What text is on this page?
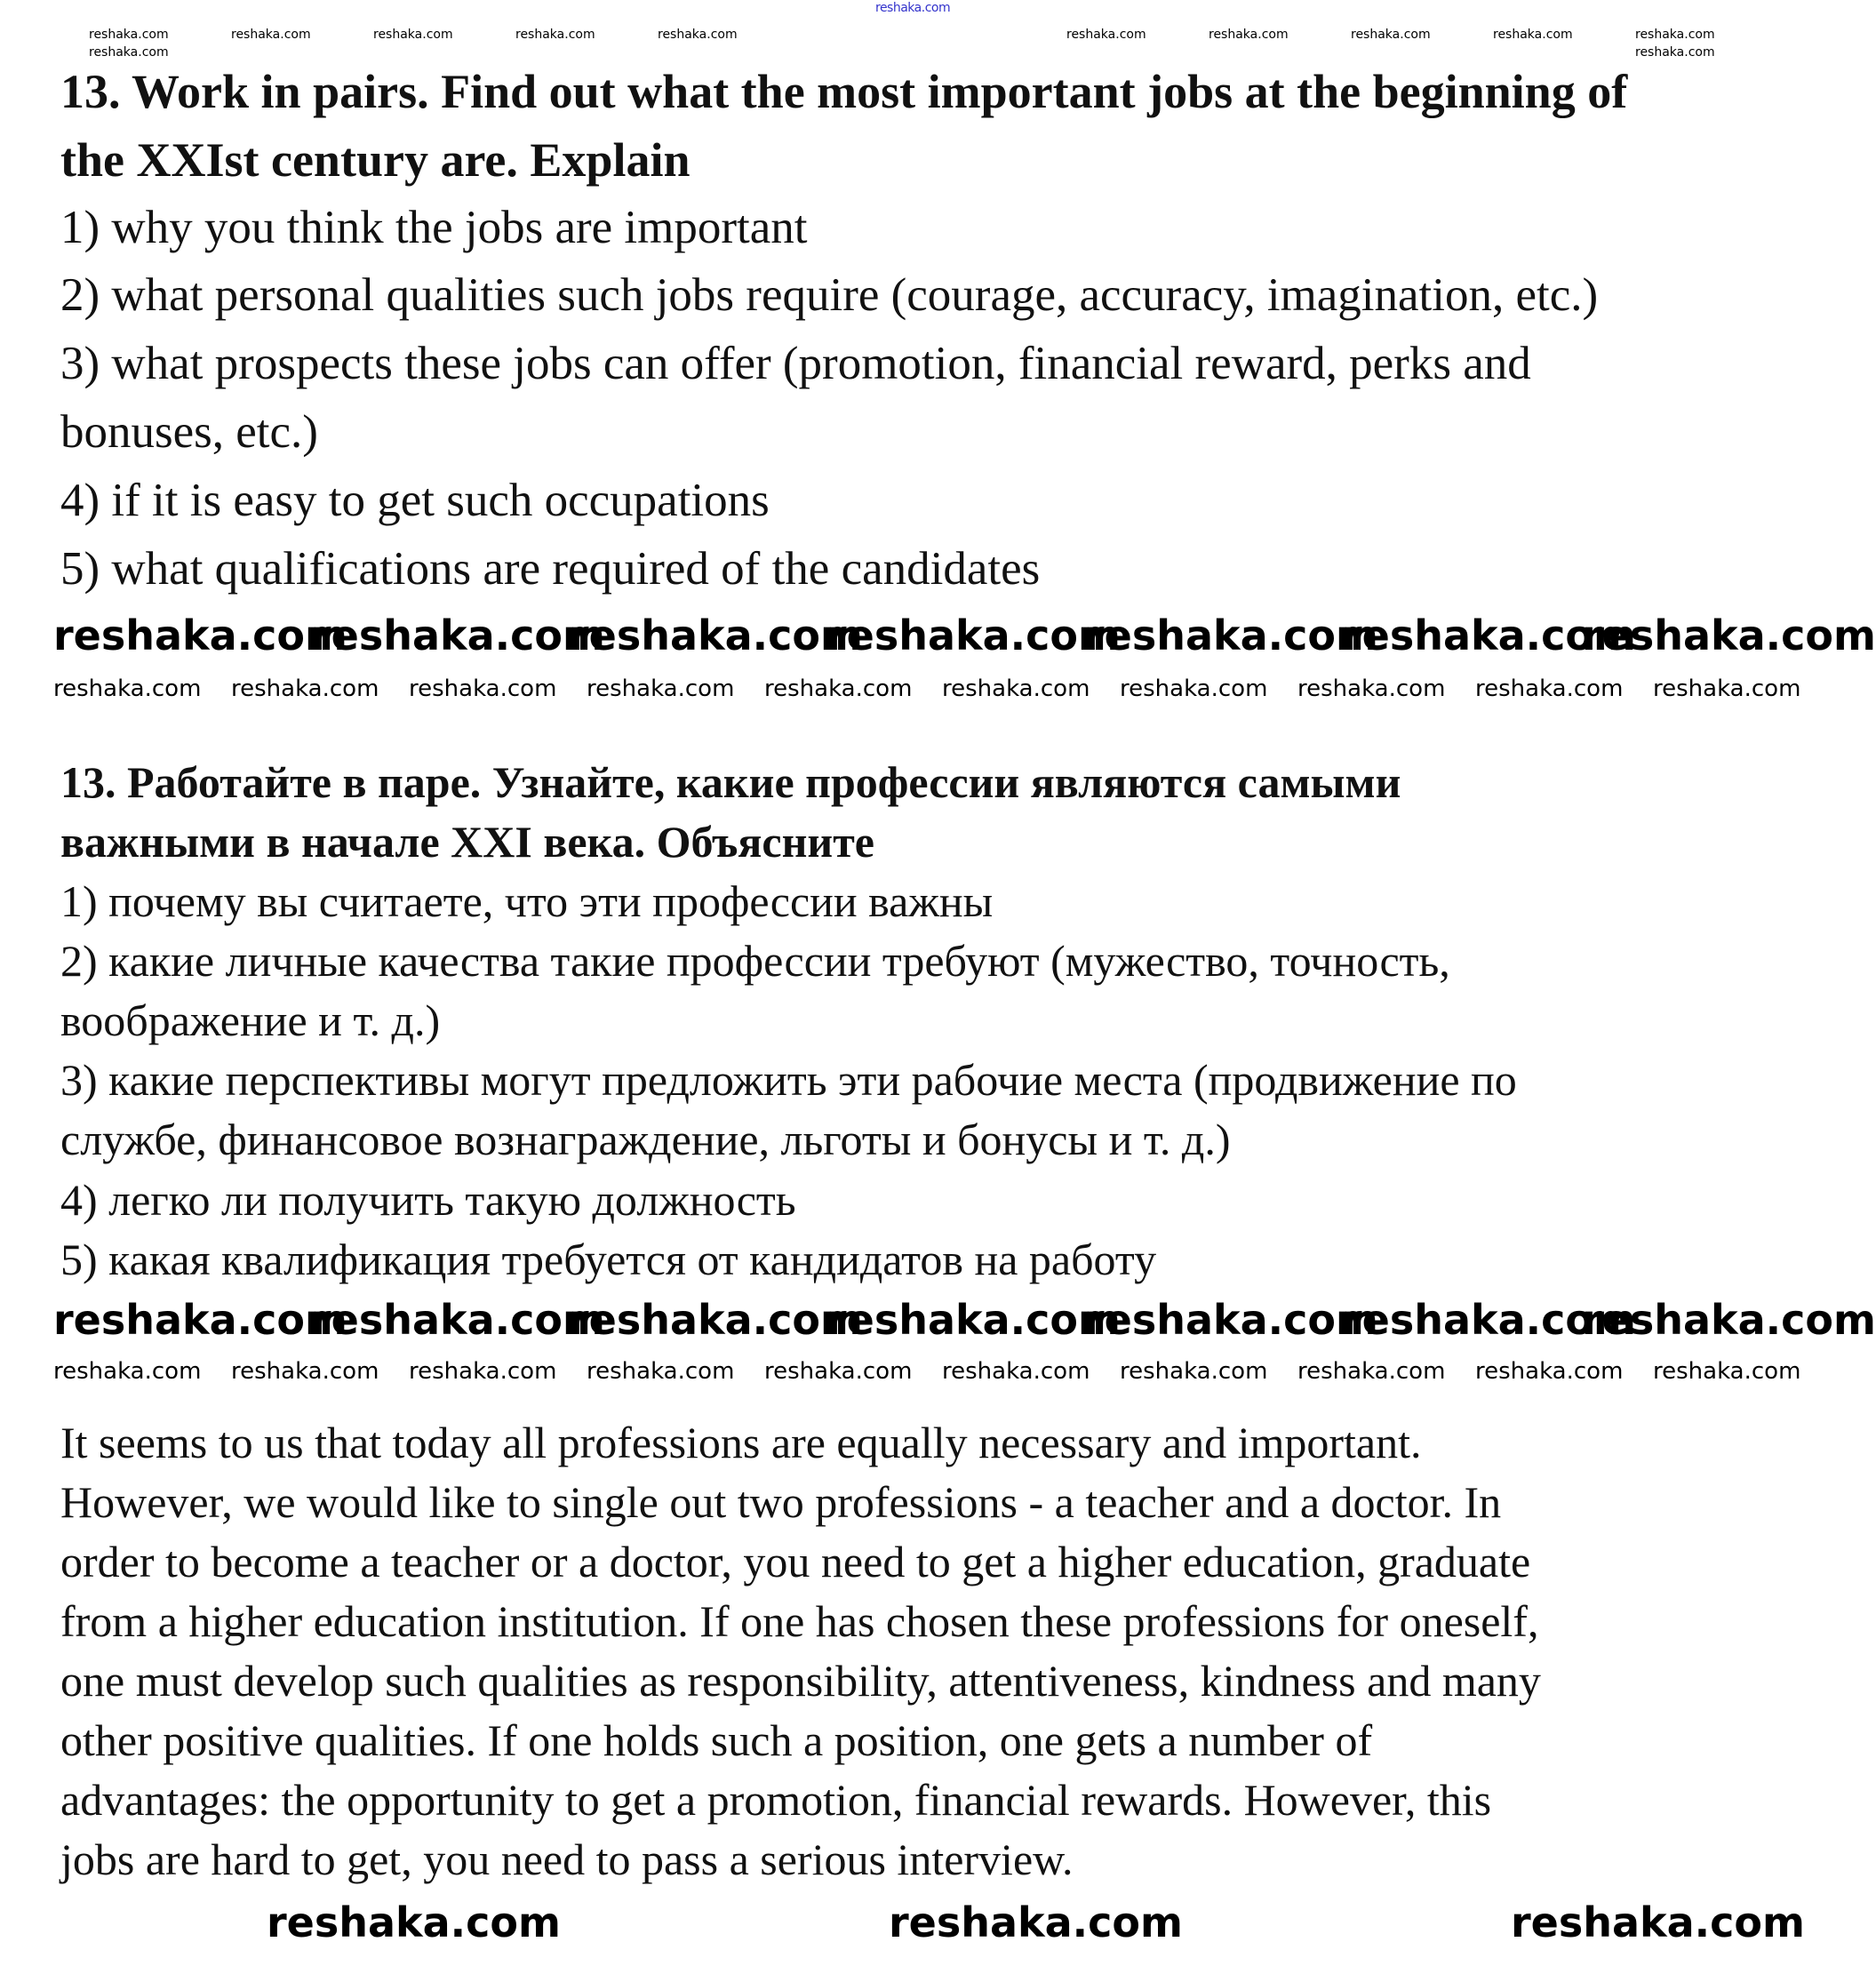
reshaka.com
13. Work in pairs. Find out what the most important jobs at the beginning of
the XXIst century are. Explain
1) why you think the jobs are important
2) what personal qualities such jobs require (courage, accuracy, imagination, etc.)
3) what prospects these jobs can offer (promotion, financial reward, perks and
bonuses, etc.)
4) if it is easy to get such occupations
5) what qualifications are required of the candidates
13. Работайте в паре. Узнайте, какие профессии являются самыми
важными в начале XXI века. Объясните
1) почему вы считаете, что эти профессии важны
2) какие личные качества такие профессии требуют (мужество, точность,
воображение и т. д.)
3) какие перспективы могут предложить эти рабочие места (продвижение по
службе, финансовое вознаграждение, льготы и бонусы и т. д.)
4) легко ли получить такую должность
5) какая квалификация требуется от кандидатов на работу
It seems to us that today all professions are equally necessary and important.
However, we would like to single out two professions - a teacher and a doctor. In
order to become a teacher or a doctor, you need to get a higher education, graduate
from a higher education institution. If one has chosen these professions for oneself,
one must develop such qualities as responsibility, attentiveness, kindness and many
other positive qualities. If one holds such a position, one gets a number of
advantages: the opportunity to get a promotion, financial rewards. However, this
jobs are hard to get, you need to pass a serious interview.
reshaka.com	reshaka.com	reshaka.com	reshaka.com	reshaka.com	reshaka.com	reshaka.com	reshaka.com	reshaka.com	reshaka.com
reshaka.com	reshaka.com
reshaka.com
reshaka.com
reshaka.com
reshaka.com
reshaka.com
reshaka.com
reshaka.com
reshaka.com reshaka.com reshaka.com reshaka.com reshaka.com reshaka.com reshaka.com reshaka.com reshaka.com reshaka.com
reshaka.com
reshaka.com
reshaka.com
reshaka.com
reshaka.com
reshaka.com
reshaka.com
reshaka.com reshaka.com reshaka.com reshaka.com reshaka.com reshaka.com reshaka.com reshaka.com reshaka.com reshaka.com
reshaka.com	reshaka.com	reshaka.com
